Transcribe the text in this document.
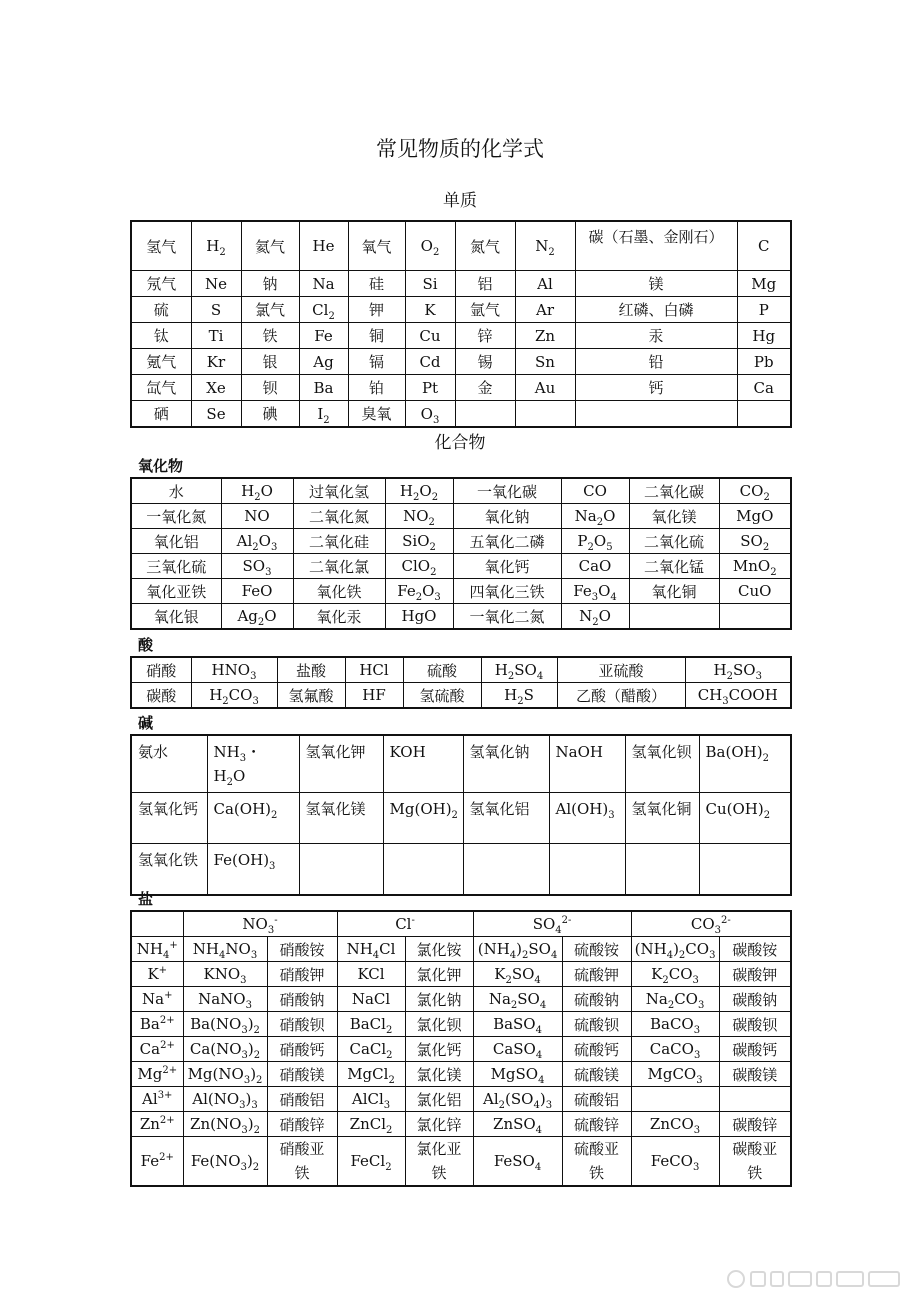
常见物质的化学式
单质
氢气	$H_2$	氦气	He	氧气	$O_2$	氮气	$N_2$	碳（石墨、金刚石）	C
氖气	Ne	钠	Na	硅	Si	铝	Al	镁	Mg
硫	S	氯气	$Cl_2$	钾	K	氩气	Ar	红磷、白磷	P
钛	Ti	铁	Fe	铜	Cu	锌	Zn	汞	Hg
氪气	Kr	银	Ag	镉	Cd	锡	Sn	铅	Pb
氙气	Xe	钡	Ba	铂	Pt	金	Au	钙	Ca
硒	Se	碘	$I_2$	臭氧	$O_3$				
化合物
氧化物
水	$H_2O$	过氧化氢	$H_2O_2$	一氧化碳	CO	二氧化碳	$CO_2$
一氧化氮	NO	二氧化氮	$NO_2$	氧化钠	$Na_2O$	氧化镁	MgO
氧化铝	$Al_2O_3$	二氧化硅	SiO$_2$	五氧化二磷	$P_2O_5$	二氧化硫	$SO_2$
三氧化硫	$SO_3$	二氧化氯	ClO$_2$	氧化钙	CaO	二氧化锰	MnO$_2$
氧化亚铁	FeO	氧化铁	$Fe_2O_3$	四氧化三铁	$Fe_3O_4$	氧化铜	CuO
氧化银	$Ag_2O$	氧化汞	HgO	一氧化二氮	$N_2O$		
酸
硝酸	$HNO_3$	盐酸	HCl	硫酸	$H_2SO_4$	亚硫酸	$H_2SO_3$
碳酸	$H_2CO_3$	氢氟酸	HF	氢硫酸	$H_2S$	乙酸（醋酸）	$CH_3COOH$
碱
氨水	$NH_3$・$H_2O$	氢氧化钾	KOH	氢氧化钠	NaOH	氢氧化钡	$Ba(OH)_2$
氢氧化钙	$Ca(OH)_2$	氢氧化镁	$Mg(OH)_2$	氢氧化铝	$Al(OH)_3$	氢氧化铜	$Cu(OH)_2$
氢氧化铁	$Fe(OH)_3$						
盐
	$NO_3^-$		Cl-		$SO_4^{2-}$		$CO_3^{2-}$
$NH_4^+$	$NH_4NO_3$	硝酸铵	$NH_4Cl$	氯化铵	$(NH_4)_2SO_4$	硫酸铵	$(NH_4)_2CO_3$	碳酸铵
K+	$KNO_3$	硝酸钾	KCl	氯化钾	$K_2SO_4$	硫酸钾	$K_2CO_3$	碳酸钾
Na+	NaNO$_3$	硝酸钠	NaCl	氯化钠	$Na_2SO_4$	硫酸钠	$Na_2CO_3$	碳酸钠
$Ba^{2+}$	$Ba(NO_3)_2$	硝酸钡	BaCl$_2$	氯化钡	BaSO$_4$	硫酸钡	BaCO$_3$	碳酸钡
$Ca^{2+}$	$Ca(NO_3)_2$	硝酸钙	CaCl$_2$	氯化钙	CaSO$_4$	硫酸钙	CaCO$_3$	碳酸钙
$Mg^{2+}$	$Mg(NO_3)_2$	硝酸镁	MgCl$_2$	氯化镁	MgSO$_4$	硫酸镁	MgCO$_3$	碳酸镁
$Al^{3+}$	$Al(NO_3)_3$	硝酸铝	AlCl$_3$	氯化铝	$Al_2(SO_4)_3$	硫酸铝		
$Zn^{2+}$	$Zn(NO_3)_2$	硝酸锌	ZnCl$_2$	氯化锌	ZnSO$_4$	硫酸锌	ZnCO$_3$	碳酸锌
$Fe^{2+}$	$Fe(NO_3)_2$	硝酸亚铁	FeCl$_2$	氯化亚铁	FeSO$_4$	硫酸亚铁	FeCO$_3$	碳酸亚铁
